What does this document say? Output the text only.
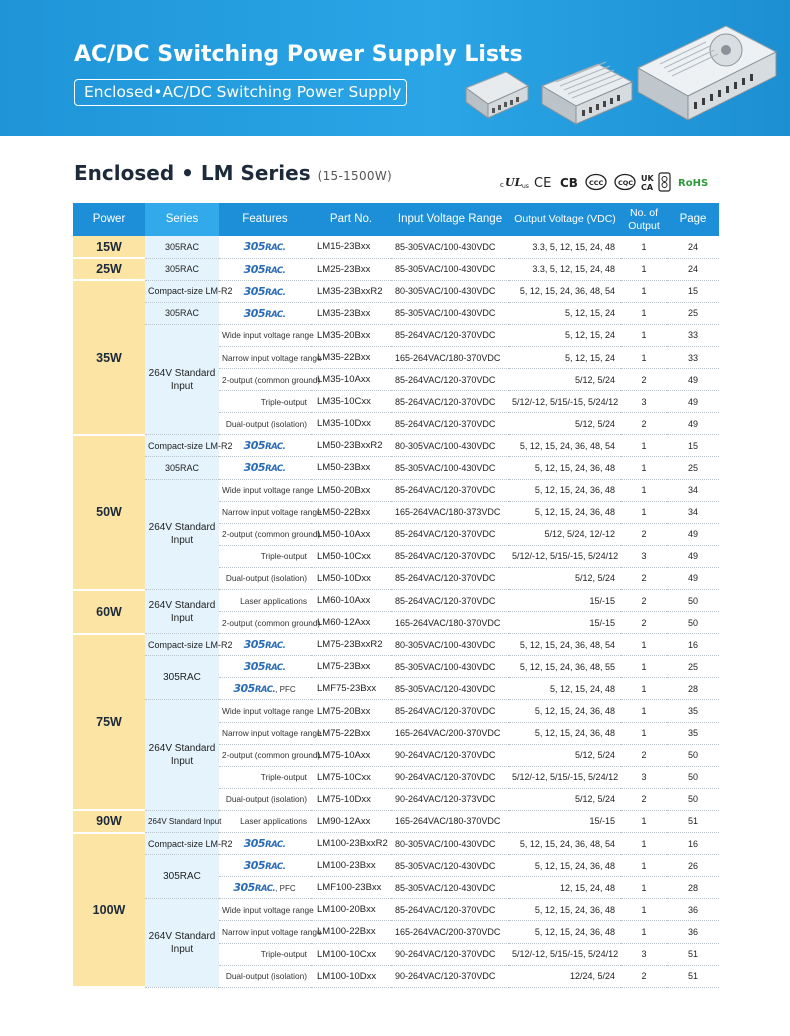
AC/DC Switching Power Supply Lists
Enclosed•AC/DC Switching Power Supply
Enclosed • LM Series (15-1500W)
c UL us CE CB CCC CQC UK
CA RoHS
Power	Series	Features	Part No.	Input Voltage Range	Output Voltage (VDC)	No. of Output	Page
15W	305RAC	305RAC.	LM15-23Bxx	85-305VAC/100-430VDC	3.3, 5, 12, 15, 24, 48	1	24
25W	305RAC	305RAC.	LM25-23Bxx	85-305VAC/100-430VDC	3.3, 5, 12, 15, 24, 48	1	24
35W	Compact-size LM-R2	305RAC.	LM35-23BxxR2	80-305VAC/100-430VDC	5, 12, 15, 24, 36, 48, 54	1	15
	305RAC	305RAC.	LM35-23Bxx	85-305VAC/100-430VDC	5, 12, 15, 24	1	25
	264V Standard Input	Wide input voltage range	LM35-20Bxx	85-264VAC/120-370VDC	5, 12, 15, 24	1	33
		Narrow input voltage range	LM35-22Bxx	165-264VAC/180-370VDC	5, 12, 15, 24	1	33
		2-output (common ground)	LM35-10Axx	85-264VAC/120-370VDC	5/12, 5/24	2	49
		Triple-output	LM35-10Cxx	85-264VAC/120-370VDC	5/12/-12, 5/15/-15, 5/24/12	3	49
		Dual-output (isolation)	LM35-10Dxx	85-264VAC/120-370VDC	5/12, 5/24	2	49
50W	Compact-size LM-R2	305RAC.	LM50-23BxxR2	80-305VAC/100-430VDC	5, 12, 15, 24, 36, 48, 54	1	15
	305RAC	305RAC.	LM50-23Bxx	85-305VAC/100-430VDC	5, 12, 15, 24, 36, 48	1	25
	264V Standard Input	Wide input voltage range	LM50-20Bxx	85-264VAC/120-370VDC	5, 12, 15, 24, 36, 48	1	34
		Narrow input voltage range	LM50-22Bxx	165-264VAC/180-373VDC	5, 12, 15, 24, 36, 48	1	34
		2-output (common ground)	LM50-10Axx	85-264VAC/120-370VDC	5/12, 5/24, 12/-12	2	49
		Triple-output	LM50-10Cxx	85-264VAC/120-370VDC	5/12/-12, 5/15/-15, 5/24/12	3	49
		Dual-output (isolation)	LM50-10Dxx	85-264VAC/120-370VDC	5/12, 5/24	2	49
60W	264V Standard Input	Laser applications	LM60-10Axx	85-264VAC/120-370VDC	15/-15	2	50
		2-output (common ground)	LM60-12Axx	165-264VAC/180-370VDC	15/-15	2	50
75W	Compact-size LM-R2	305RAC.	LM75-23BxxR2	80-305VAC/100-430VDC	5, 12, 15, 24, 36, 48, 54	1	16
	305RAC	305RAC.	LM75-23Bxx	85-305VAC/100-430VDC	5, 12, 15, 24, 36, 48, 55	1	25
		305RAC., PFC	LMF75-23Bxx	85-305VAC/120-430VDC	5, 12, 15, 24, 48	1	28
	264V Standard Input	Wide input voltage range	LM75-20Bxx	85-264VAC/120-370VDC	5, 12, 15, 24, 36, 48	1	35
		Narrow input voltage range	LM75-22Bxx	165-264VAC/200-370VDC	5, 12, 15, 24, 36, 48	1	35
		2-output (common ground)	LM75-10Axx	90-264VAC/120-370VDC	5/12, 5/24	2	50
		Triple-output	LM75-10Cxx	90-264VAC/120-370VDC	5/12/-12, 5/15/-15, 5/24/12	3	50
		Dual-output (isolation)	LM75-10Dxx	90-264VAC/120-373VDC	5/12, 5/24	2	50
90W	264V Standard Input	Laser applications	LM90-12Axx	165-264VAC/180-370VDC	15/-15	1	51
100W	Compact-size LM-R2	305RAC.	LM100-23BxxR2	80-305VAC/100-430VDC	5, 12, 15, 24, 36, 48, 54	1	16
	305RAC	305RAC.	LM100-23Bxx	85-305VAC/120-430VDC	5, 12, 15, 24, 36, 48	1	26
		305RAC., PFC	LMF100-23Bxx	85-305VAC/120-430VDC	12, 15, 24, 48	1	28
	264V Standard Input	Wide input voltage range	LM100-20Bxx	85-264VAC/120-370VDC	5, 12, 15, 24, 36, 48	1	36
		Narrow input voltage range	LM100-22Bxx	165-264VAC/200-370VDC	5, 12, 15, 24, 36, 48	1	36
		Triple-output	LM100-10Cxx	90-264VAC/120-370VDC	5/12/-12, 5/15/-15, 5/24/12	3	51
		Dual-output (isolation)	LM100-10Dxx	90-264VAC/120-370VDC	12/24, 5/24	2	51
